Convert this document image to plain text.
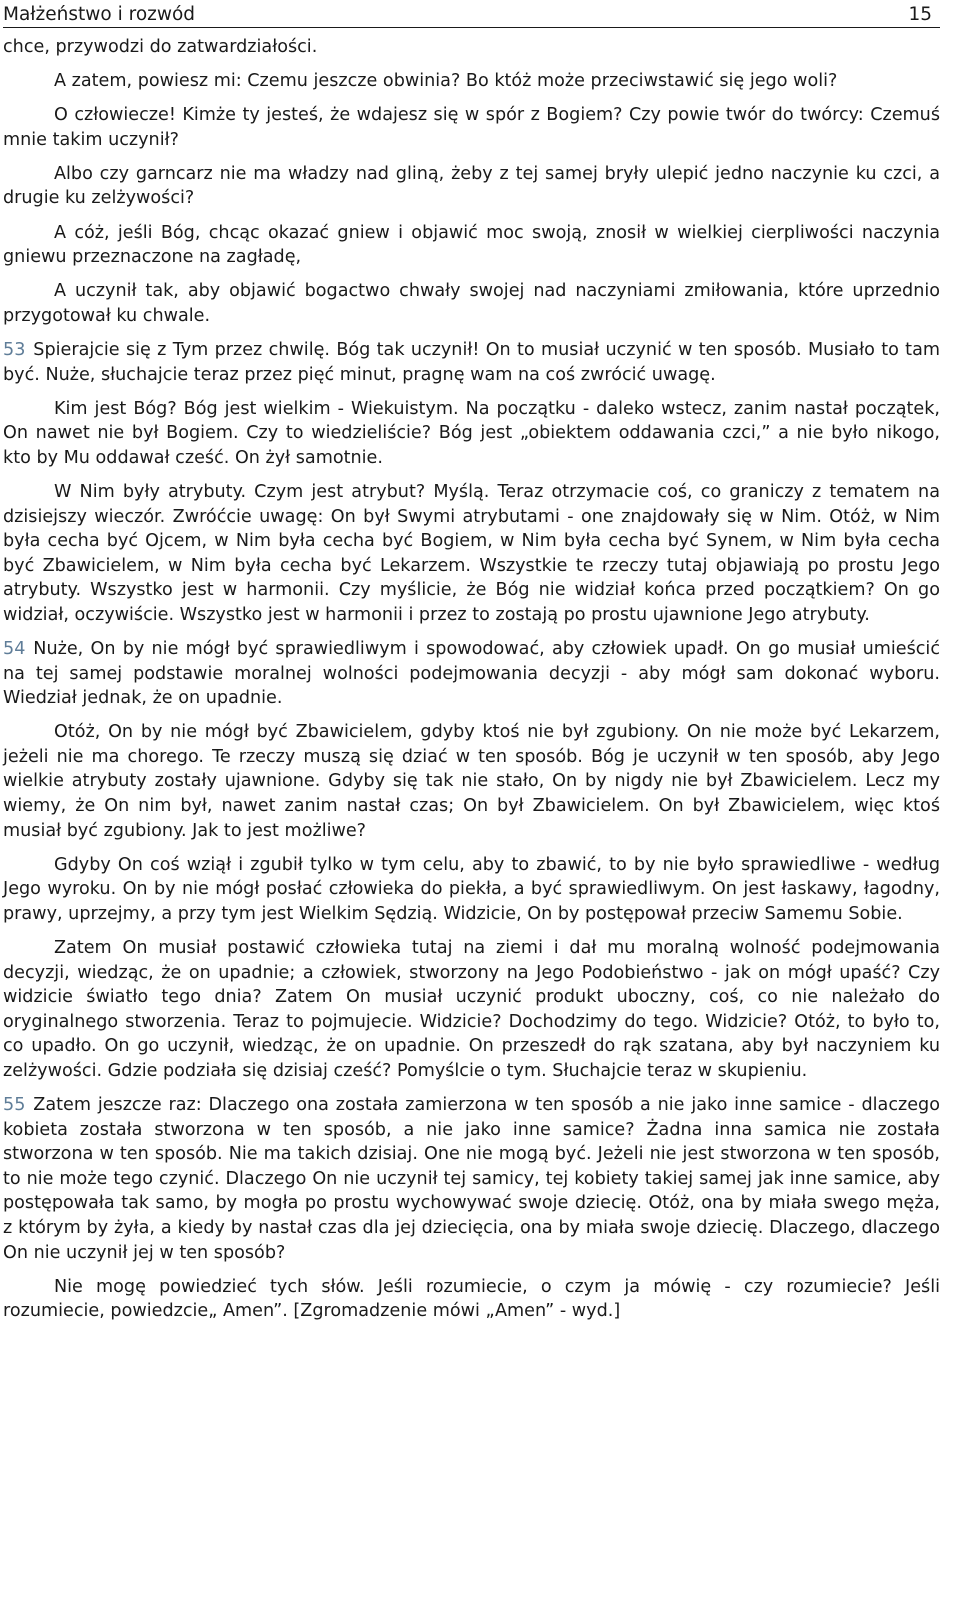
Małżeństwo i rozwód	15

chce, przywodzi do zatwardziałości.

A zatem, powiesz mi: Czemu jeszcze obwinia? Bo któż może przeciwstawić się jego woli?

O człowiecze! Kimże ty jesteś, że wdajesz się w spór z Bogiem? Czy powie twór do twórcy: Czemuś mnie takim uczynił?

Albo czy garncarz nie ma władzy nad gliną, żeby z tej samej bryły ulepić jedno naczynie ku czci, a drugie ku zelżywości?

A cóż, jeśli Bóg, chcąc okazać gniew i objawić moc swoją, znosił w wielkiej cierpliwości naczynia gniewu przeznaczone na zagładę,

A uczynił tak, aby objawić bogactwo chwały swojej nad naczyniami zmiłowania, które uprzednio przygotował ku chwale.

53 Spierajcie się z Tym przez chwilę. Bóg tak uczynił! On to musiał uczynić w ten sposób. Musiało to tam być. Nuże, słuchajcie teraz przez pięć minut, pragnę wam na coś zwrócić uwagę.

Kim jest Bóg? Bóg jest wielkim - Wiekuistym. Na początku - daleko wstecz, zanim nastał początek, On nawet nie był Bogiem. Czy to wiedzieliście? Bóg jest „obiektem oddawania czci,” a nie było nikogo, kto by Mu oddawał cześć. On żył samotnie.

W Nim były atrybuty. Czym jest atrybut? Myślą. Teraz otrzymacie coś, co graniczy z tematem na dzisiejszy wieczór. Zwróćcie uwagę: On był Swymi atrybutami - one znajdowały się w Nim. Otóż, w Nim była cecha być Ojcem, w Nim była cecha być Bogiem, w Nim była cecha być Synem, w Nim była cecha być Zbawicielem, w Nim była cecha być Lekarzem. Wszystkie te rzeczy tutaj objawiają po prostu Jego atrybuty. Wszystko jest w harmonii. Czy myślicie, że Bóg nie widział końca przed początkiem? On go widział, oczywiście. Wszystko jest w harmonii i przez to zostają po prostu ujawnione Jego atrybuty.

54 Nuże, On by nie mógł być sprawiedliwym i spowodować, aby człowiek upadł. On go musiał umieścić na tej samej podstawie moralnej wolności podejmowania decyzji - aby mógł sam dokonać wyboru. Wiedział jednak, że on upadnie.

Otóż, On by nie mógł być Zbawicielem, gdyby ktoś nie był zgubiony. On nie może być Lekarzem, jeżeli nie ma chorego. Te rzeczy muszą się dziać w ten sposób. Bóg je uczynił w ten sposób, aby Jego wielkie atrybuty zostały ujawnione. Gdyby się tak nie stało, On by nigdy nie był Zbawicielem. Lecz my wiemy, że On nim był, nawet zanim nastał czas; On był Zbawicielem. On był Zbawicielem, więc ktoś musiał być zgubiony. Jak to jest możliwe?

Gdyby On coś wziął i zgubił tylko w tym celu, aby to zbawić, to by nie było sprawiedliwe - według Jego wyroku. On by nie mógł posłać człowieka do piekła, a być sprawiedliwym. On jest łaskawy, łagodny, prawy, uprzejmy, a przy tym jest Wielkim Sędzią. Widzicie, On by postępował przeciw Samemu Sobie.

Zatem On musiał postawić człowieka tutaj na ziemi i dał mu moralną wolność podejmowania decyzji, wiedząc, że on upadnie; a człowiek, stworzony na Jego Podobieństwo - jak on mógł upaść? Czy widzicie światło tego dnia? Zatem On musiał uczynić produkt uboczny, coś, co nie należało do oryginalnego stworzenia. Teraz to pojmujecie. Widzicie? Dochodzimy do tego. Widzicie? Otóż, to było to, co upadło. On go uczynił, wiedząc, że on upadnie. On przeszedł do rąk szatana, aby był naczyniem ku zelżywości. Gdzie podziała się dzisiaj cześć? Pomyślcie o tym. Słuchajcie teraz w skupieniu.

55 Zatem jeszcze raz: Dlaczego ona została zamierzona w ten sposób a nie jako inne samice - dlaczego kobieta została stworzona w ten sposób, a nie jako inne samice? Żadna inna samica nie została stworzona w ten sposób. Nie ma takich dzisiaj. One nie mogą być. Jeżeli nie jest stworzona w ten sposób, to nie może tego czynić. Dlaczego On nie uczynił tej samicy, tej kobiety takiej samej jak inne samice, aby postępowała tak samo, by mogła po prostu wychowywać swoje dziecię. Otóż, ona by miała swego męża, z którym by żyła, a kiedy by nastał czas dla jej dziecięcia, ona by miała swoje dziecię. Dlaczego, dlaczego On nie uczynił jej w ten sposób?

Nie mogę powiedzieć tych słów. Jeśli rozumiecie, o czym ja mówię - czy rozumiecie? Jeśli rozumiecie, powiedzcie„ Amen”. [Zgromadzenie mówi „Amen” - wyd.]
